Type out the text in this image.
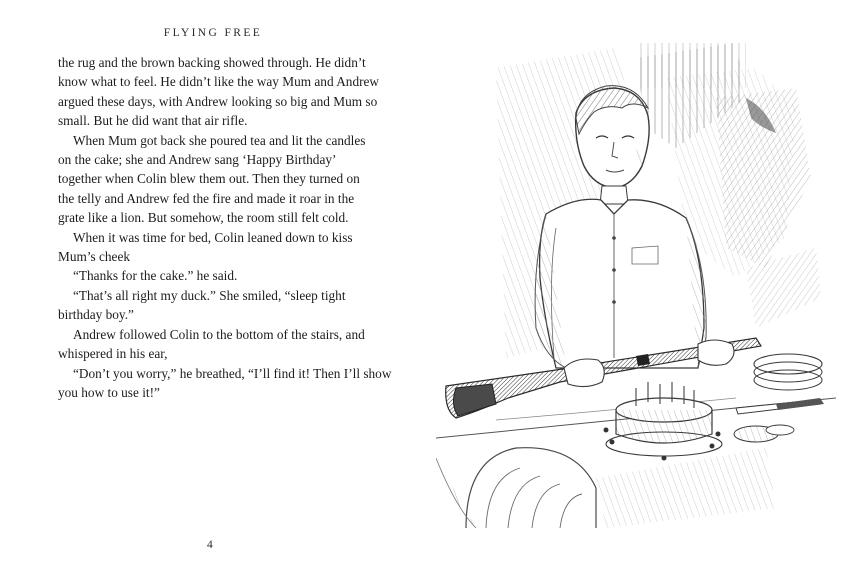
FLYING FREE
the rug and the brown backing showed through. He didn’t
know what to feel. He didn’t like the way Mum and Andrew
argued these days, with Andrew looking so big and Mum so
small. But he did want that air rifle.
When Mum got back she poured tea and lit the candles
on the cake; she and Andrew sang ‘Happy Birthday’
together when Colin blew them out. Then they turned on
the telly and Andrew fed the fire and made it roar in the
grate like a lion. But somehow, the room still felt cold.
When it was time for bed, Colin leaned down to kiss
Mum’s cheek
“Thanks for the cake.” he said.
“That’s all right my duck.” She smiled, “sleep tight
birthday boy.”
Andrew followed Colin to the bottom of the stairs, and
whispered in his ear,
“Don’t you worry,” he breathed, “I’ll find it! Then I’ll show
you how to use it!”
4
